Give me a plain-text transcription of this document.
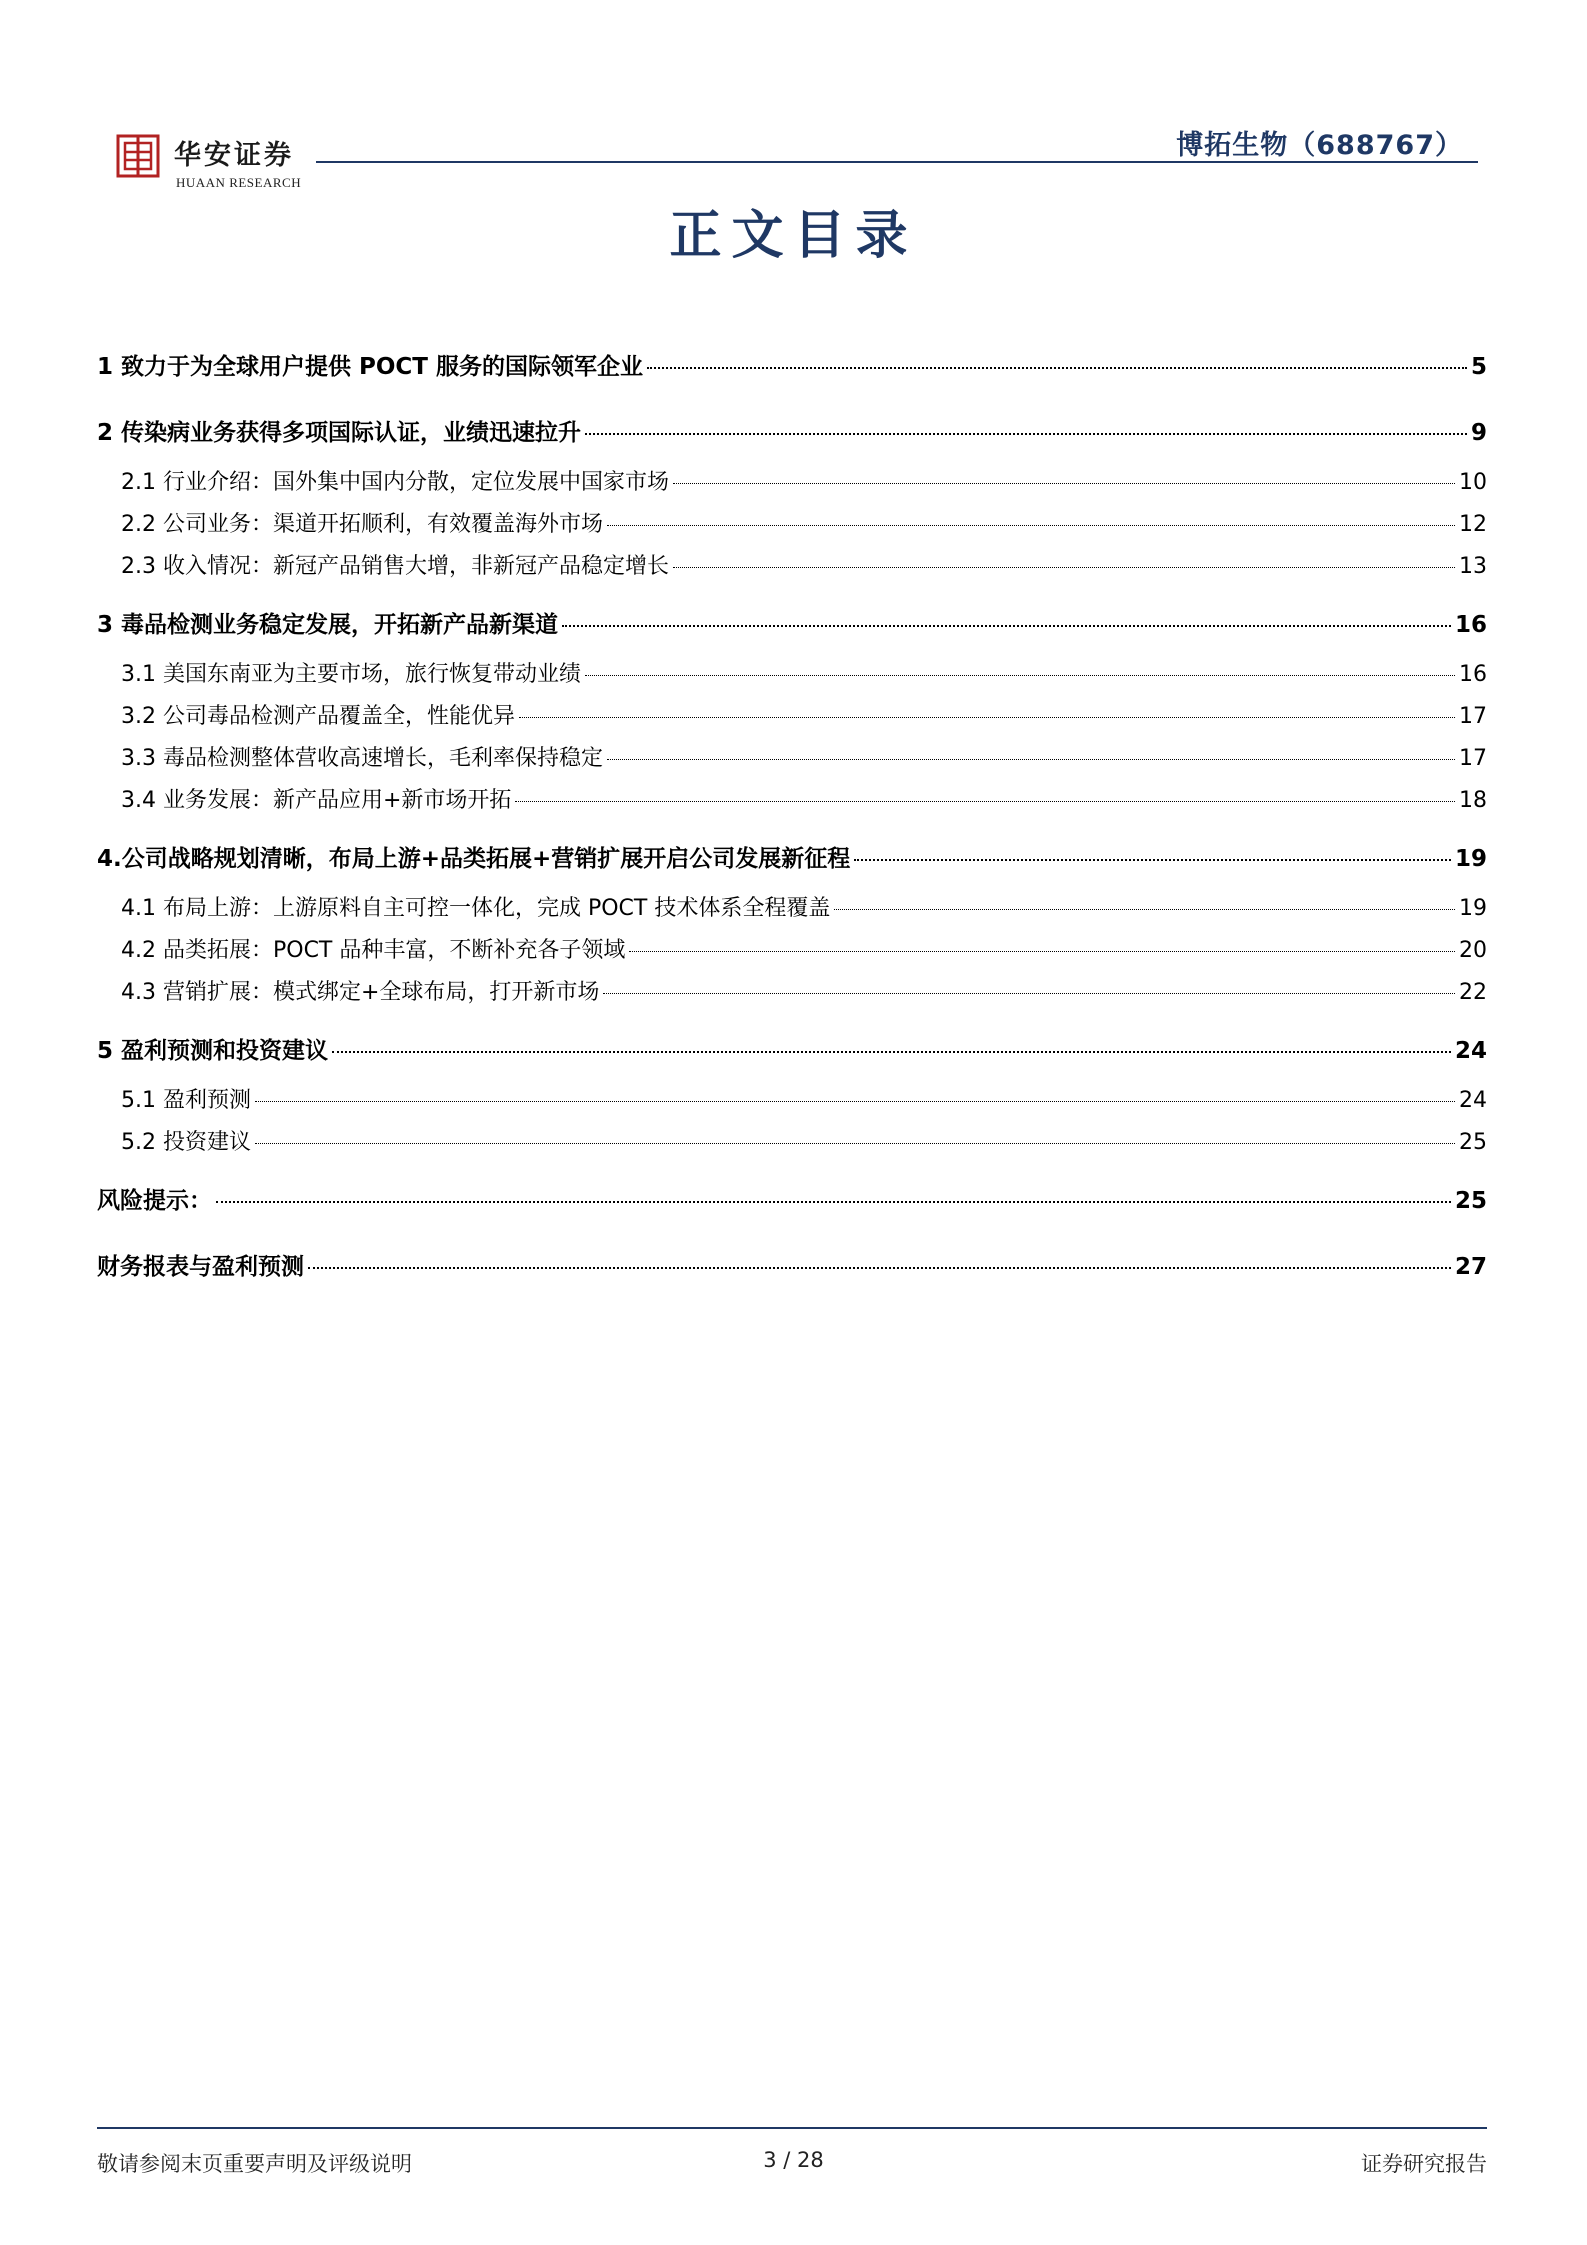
华安证券
HUAAN RESEARCH
博拓生物（688767）
正文目录
1 致力于为全球用户提供 POCT 服务的国际领军企业	5
2 传染病业务获得多项国际认证，业绩迅速拉升	9
2.1 行业介绍：国外集中国内分散，定位发展中国家市场	10
2.2 公司业务：渠道开拓顺利，有效覆盖海外市场	12
2.3 收入情况：新冠产品销售大增，非新冠产品稳定增长	13
3 毒品检测业务稳定发展，开拓新产品新渠道	16
3.1 美国东南亚为主要市场，旅行恢复带动业绩	16
3.2 公司毒品检测产品覆盖全，性能优异	17
3.3 毒品检测整体营收高速增长，毛利率保持稳定	17
3.4 业务发展：新产品应用+新市场开拓	18
4.公司战略规划清晰，布局上游+品类拓展+营销扩展开启公司发展新征程	19
4.1 布局上游：上游原料自主可控一体化，完成 POCT 技术体系全程覆盖	19
4.2 品类拓展：POCT 品种丰富，不断补充各子领域	20
4.3 营销扩展：模式绑定+全球布局，打开新市场	22
5 盈利预测和投资建议	24
5.1 盈利预测	24
5.2 投资建议	25
风险提示：	25
财务报表与盈利预测	27
敬请参阅末页重要声明及评级说明	3 / 28	证券研究报告
